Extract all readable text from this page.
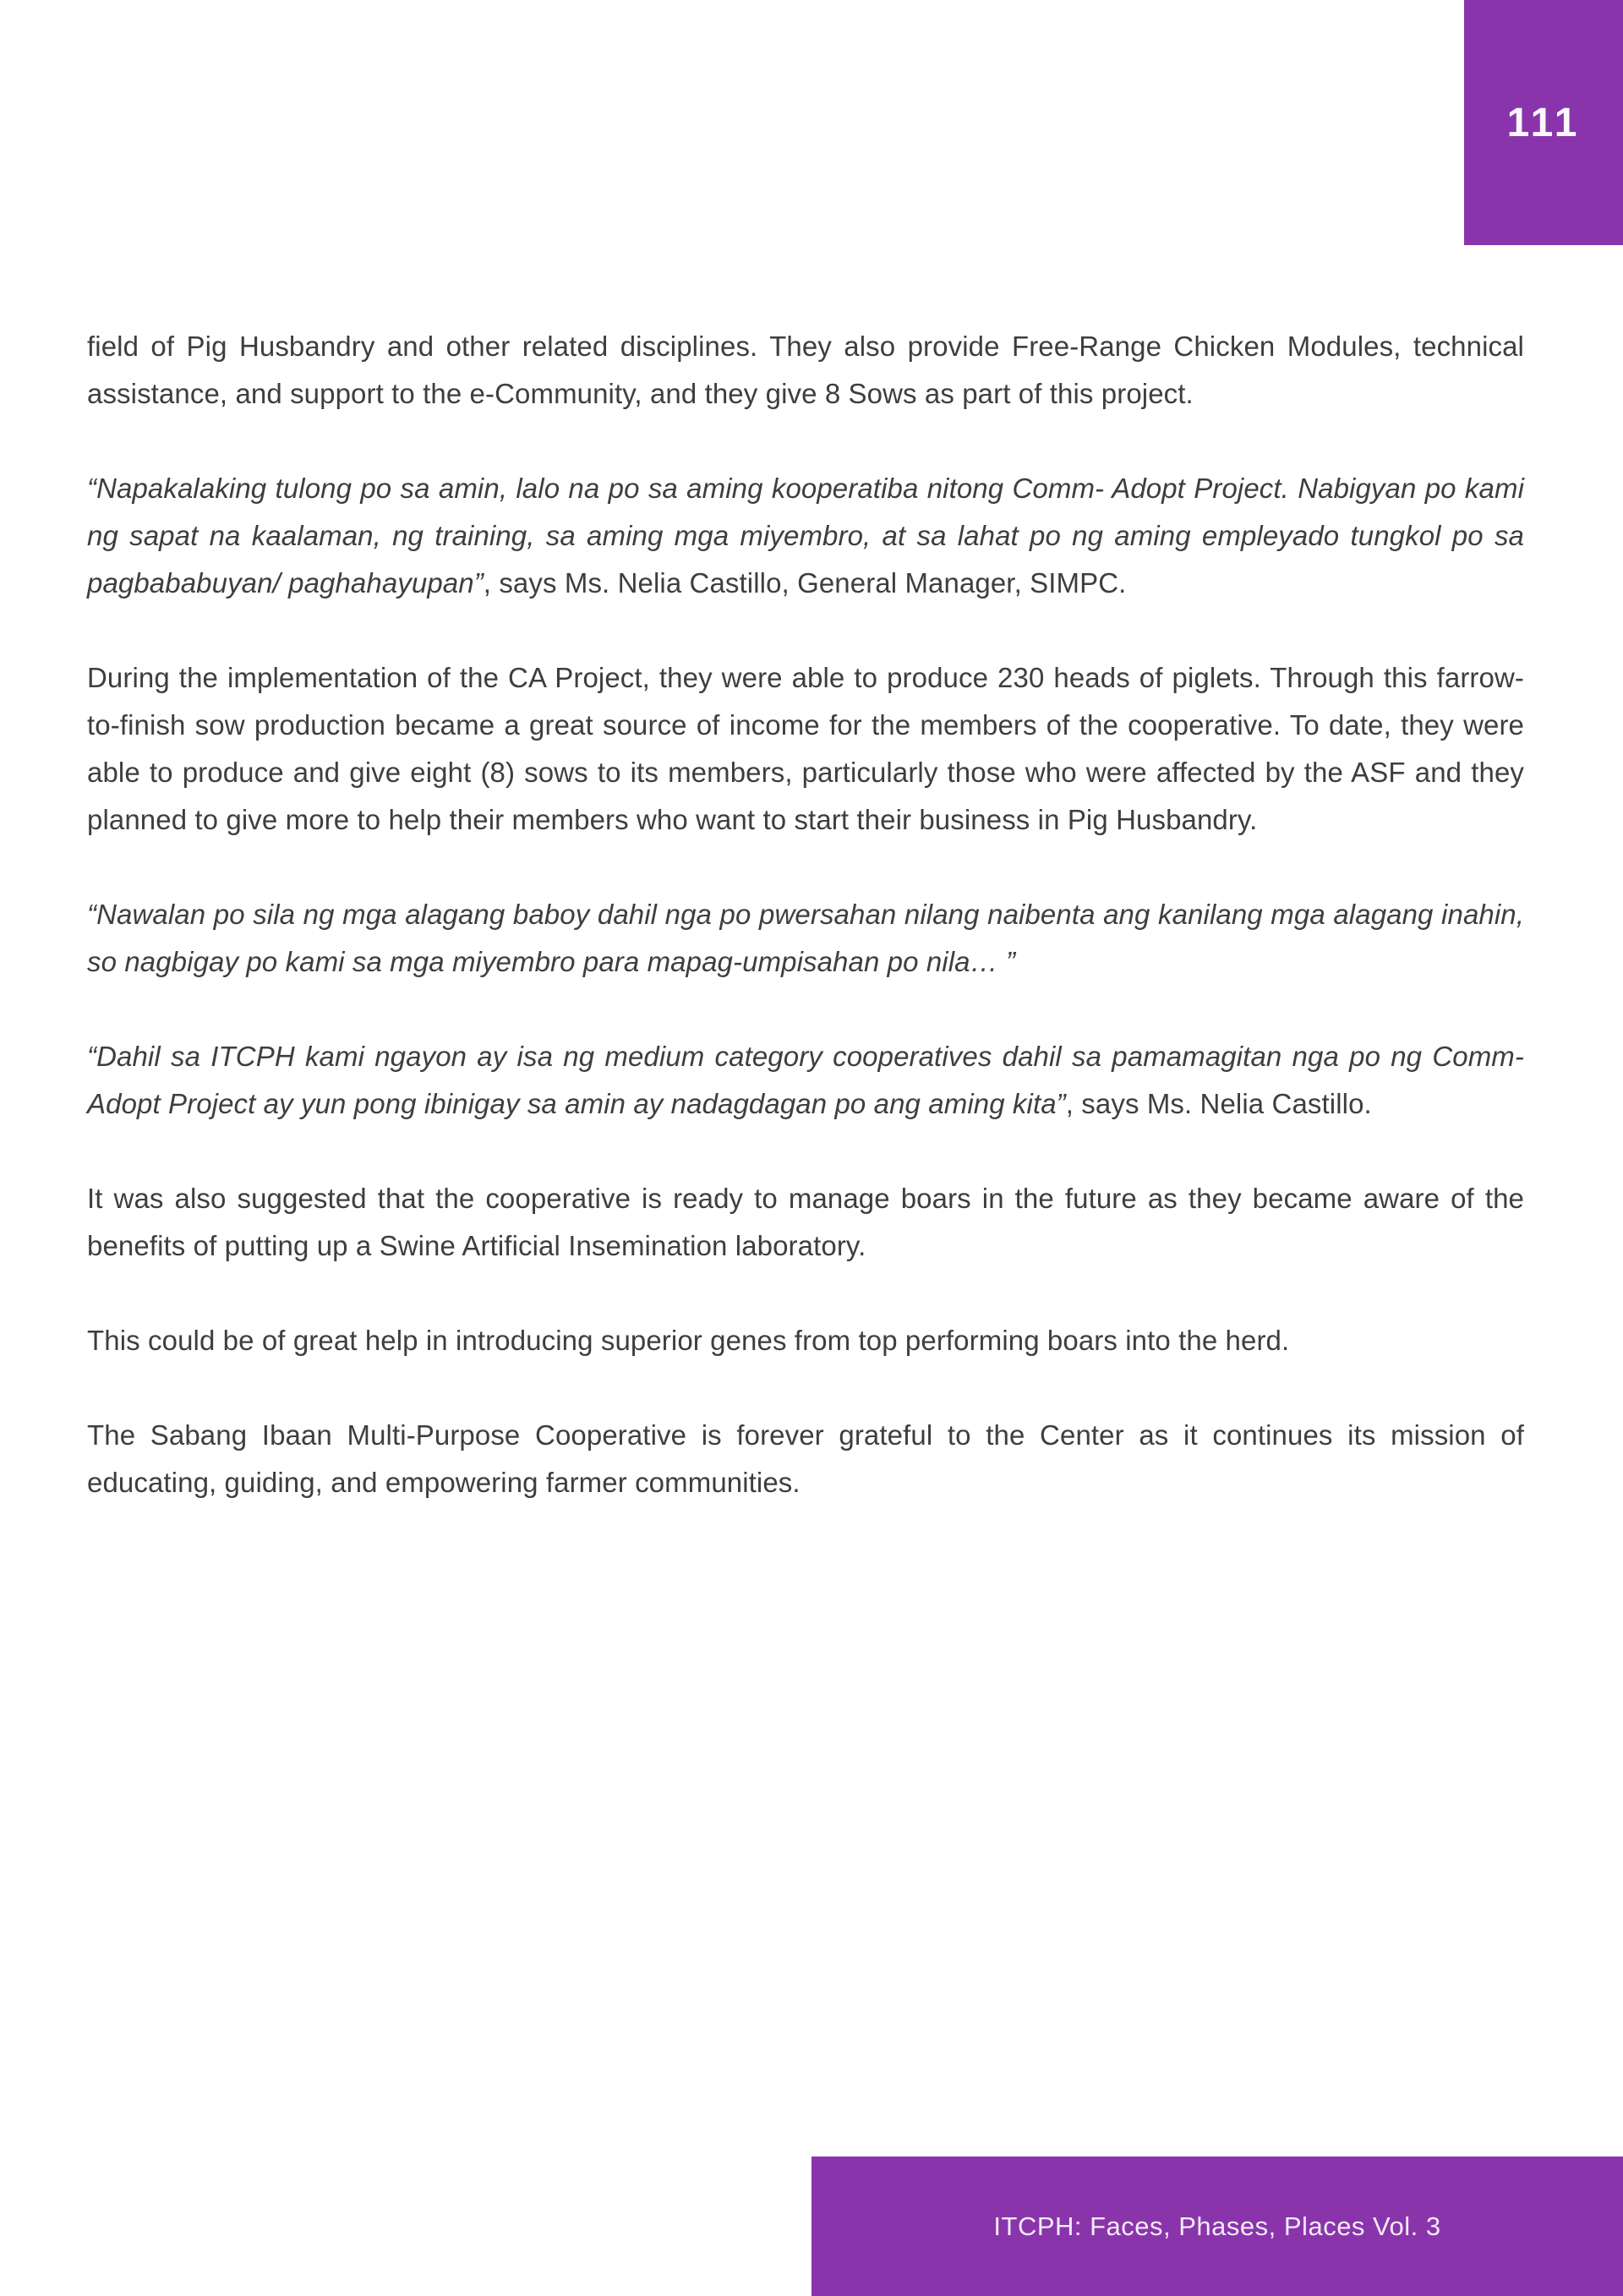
111

field of Pig Husbandry and other related disciplines. They also provide Free-Range Chicken Modules, technical assistance, and support to the e-Community, and they give 8 Sows as part of this project.

“Napakalaking tulong po sa amin, lalo na po sa aming kooperatiba nitong Comm- Adopt Project. Nabigyan po kami ng sapat na kaalaman, ng training, sa aming mga miyembro, at sa lahat po ng aming empleyado tungkol po sa pagbababuyan/ paghahayupan”, says Ms. Nelia Castillo, General Manager, SIMPC.

During the implementation of the CA Project, they were able to produce 230 heads of piglets. Through this farrow-to-finish sow production became a great source of income for the members of the cooperative. To date, they were able to produce and give eight (8) sows to its members, particularly those who were affected by the ASF and they planned to give more to help their members who want to start their business in Pig Husbandry.

“Nawalan po sila ng mga alagang baboy dahil nga po pwersahan nilang naibenta ang kanilang mga alagang inahin, so nagbigay po kami sa mga miyembro para mapag-umpisahan po nila… ”

“Dahil sa ITCPH kami ngayon ay isa ng medium category cooperatives dahil sa pamamagitan nga po ng Comm-Adopt Project ay yun pong ibinigay sa amin ay nadagdagan po ang aming kita”, says Ms. Nelia Castillo.

It was also suggested that the cooperative is ready to manage boars in the future as they became aware of the benefits of putting up a Swine Artificial Insemination laboratory.

This could be of great help in introducing superior genes from top performing boars into the herd.

The Sabang Ibaan Multi-Purpose Cooperative is forever grateful to the Center as it continues its mission of educating, guiding, and empowering farmer communities.

ITCPH: Faces, Phases, Places Vol. 3
